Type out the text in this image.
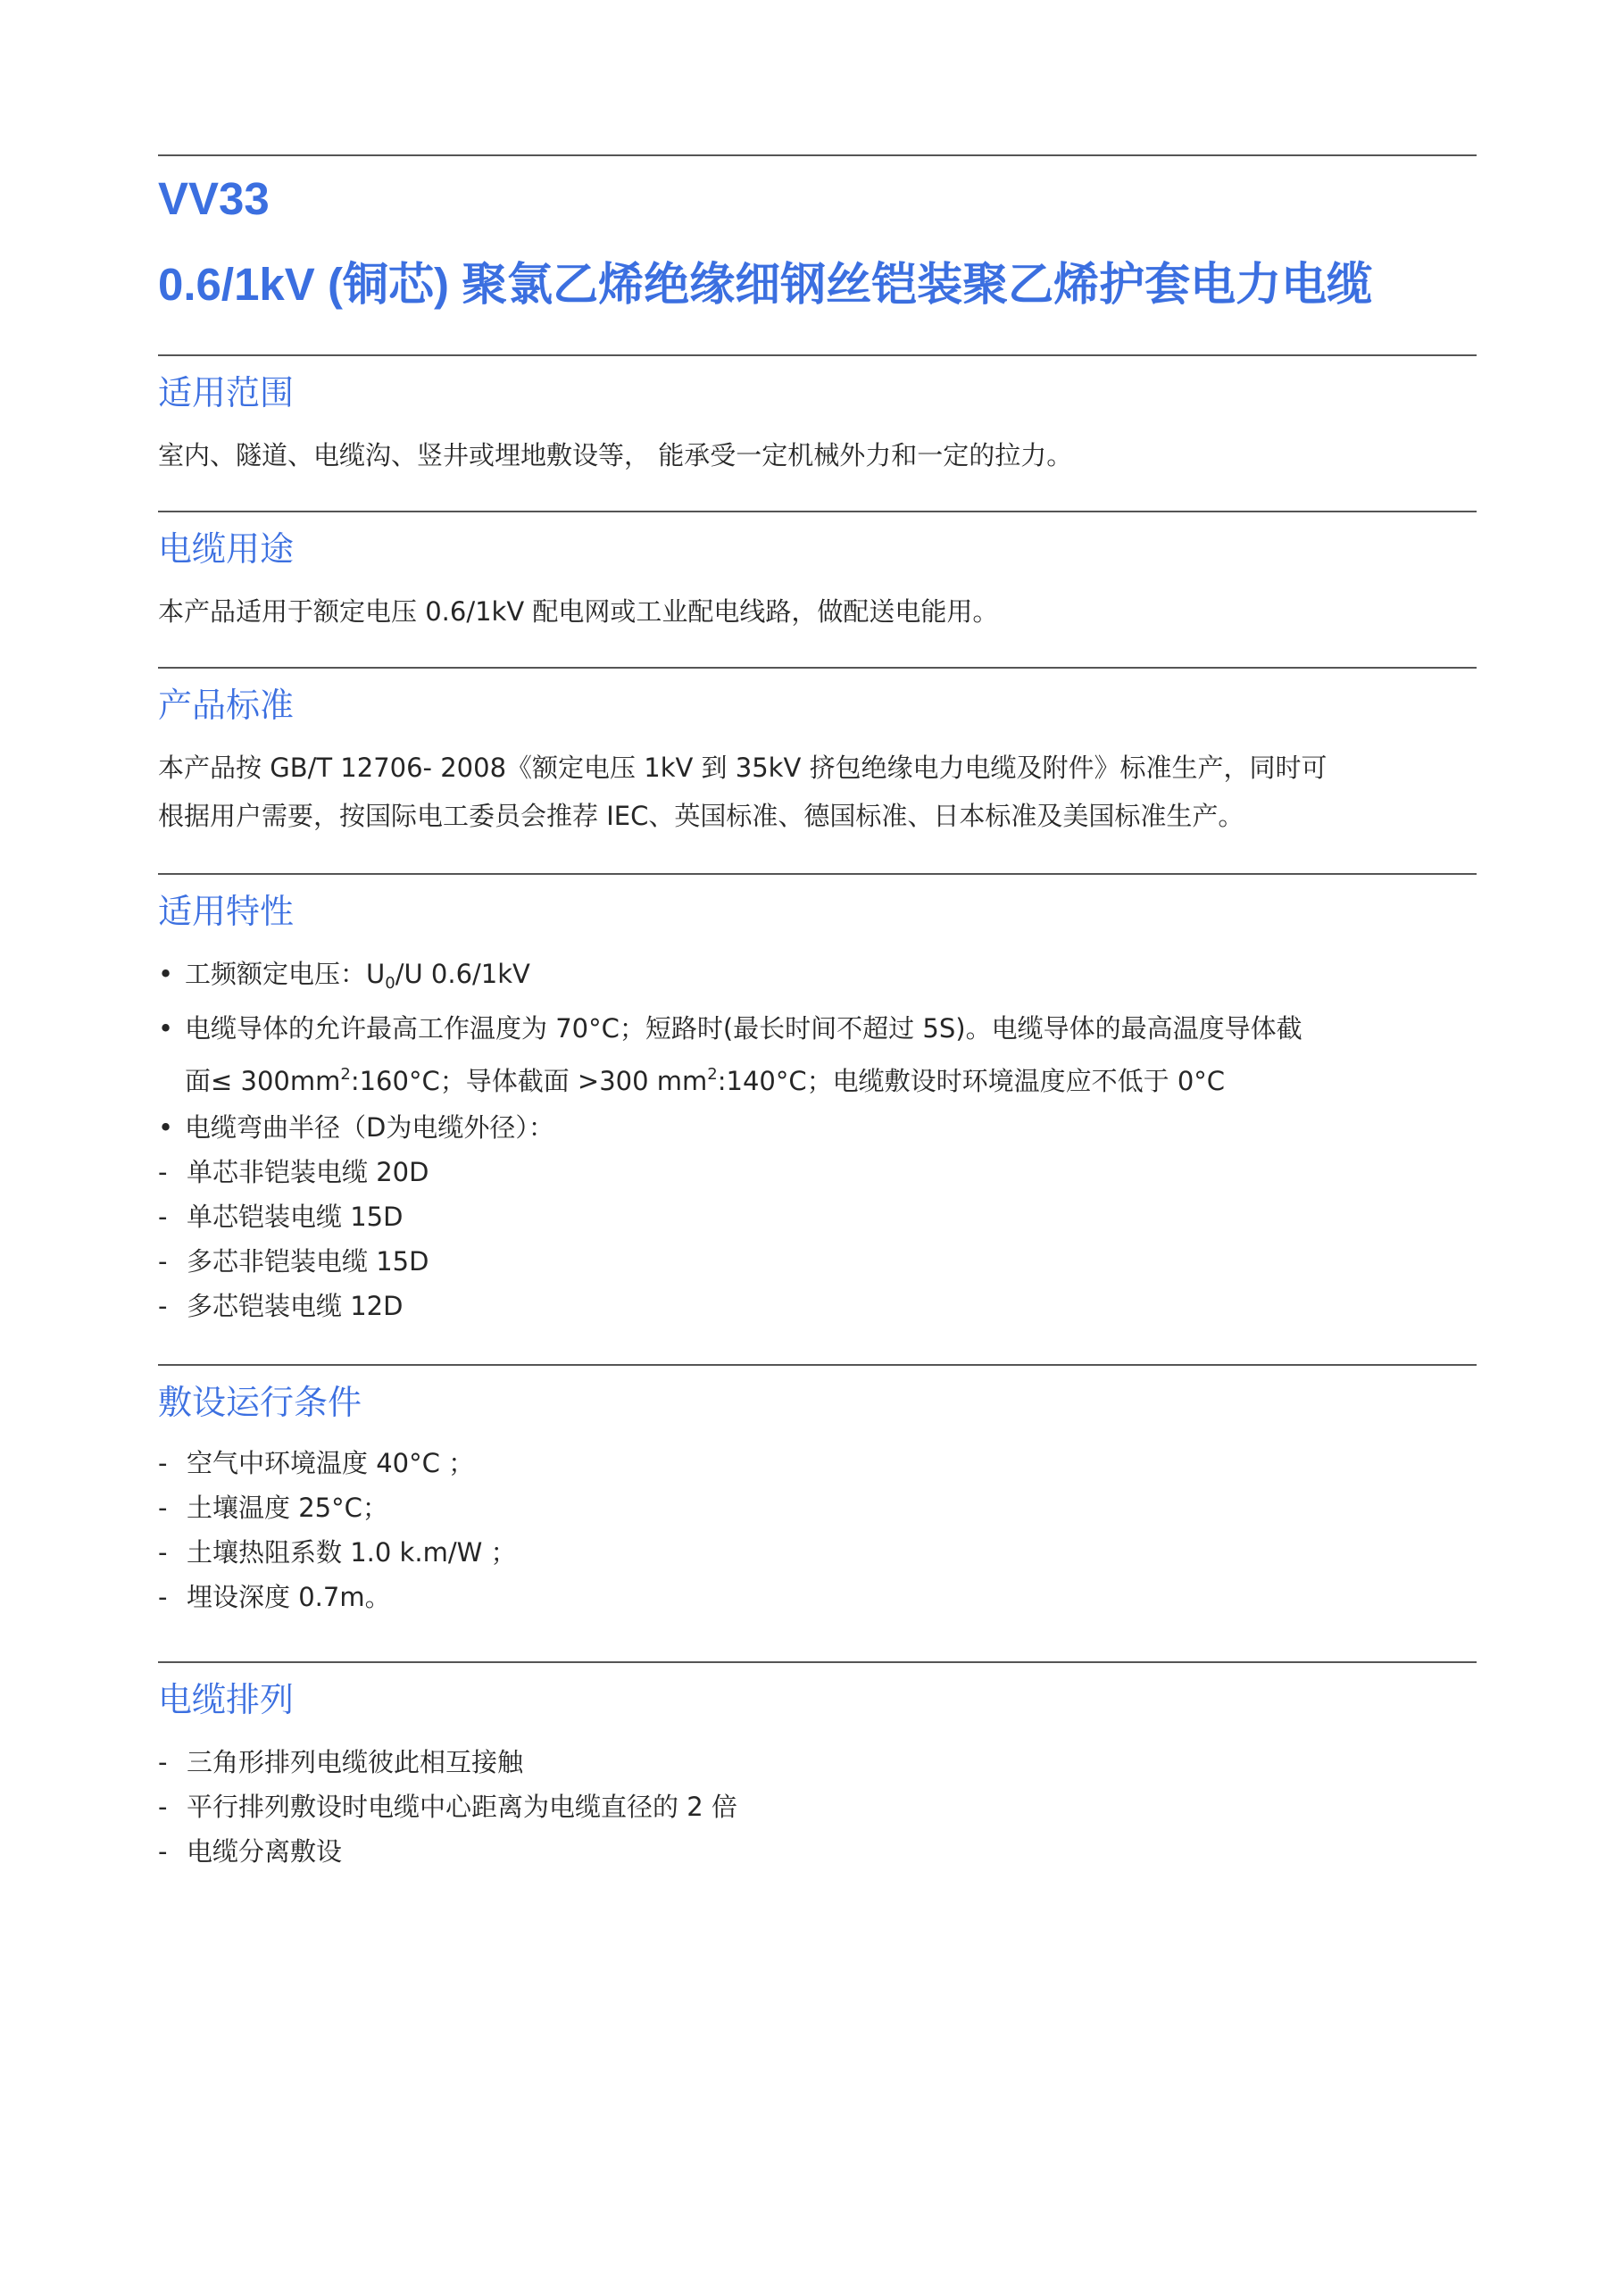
VV33
0.6/1kV (铜芯) 聚氯乙烯绝缘细钢丝铠装聚乙烯护套电力电缆
适用范围

室内、隧道、电缆沟、竖井或埋地敷设等， 能承受一定机械外力和一定的拉力。

电缆用途

本产品适用于额定电压 0.6/1kV 配电网或工业配电线路，做配送电能用。

产品标准
本产品按 GB/T 12706- 2008《额定电压 1kV 到 35kV 挤包绝缘电力电缆及附件》标准生产，同时可
根据用户需要，按国际电工委员会推荐 IEC、英国标准、德国标准、日本标准及美国标准生产。
适用特性
• 工频额定电压：$U_0/U$ 0.6/1kV
• 电缆导体的允许最高工作温度为 70°C；短路时(最长时间不超过 5S)。电缆导体的最高温度导体截
面≤ $300mm^2:160^\circ C$；导体截面 >300 $mm^2:140^\circ C$；电缆敷设时环境温度应不低于 0°C
• 电缆弯曲半径（D为电缆外径）：
- 单芯非铠装电缆 20D
- 单芯铠装电缆 15D
- 多芯非铠装电缆 15D
- 多芯铠装电缆 12D
敷设运行条件
- 空气中环境温度 40°C ；
- 土壤温度 25°C；
- 土壤热阻系数 1.0 k.m/W ；
- 埋设深度 0.7m。
电缆排列
- 三角形排列电缆彼此相互接触
- 平行排列敷设时电缆中心距离为电缆直径的 2 倍
- 电缆分离敷设
